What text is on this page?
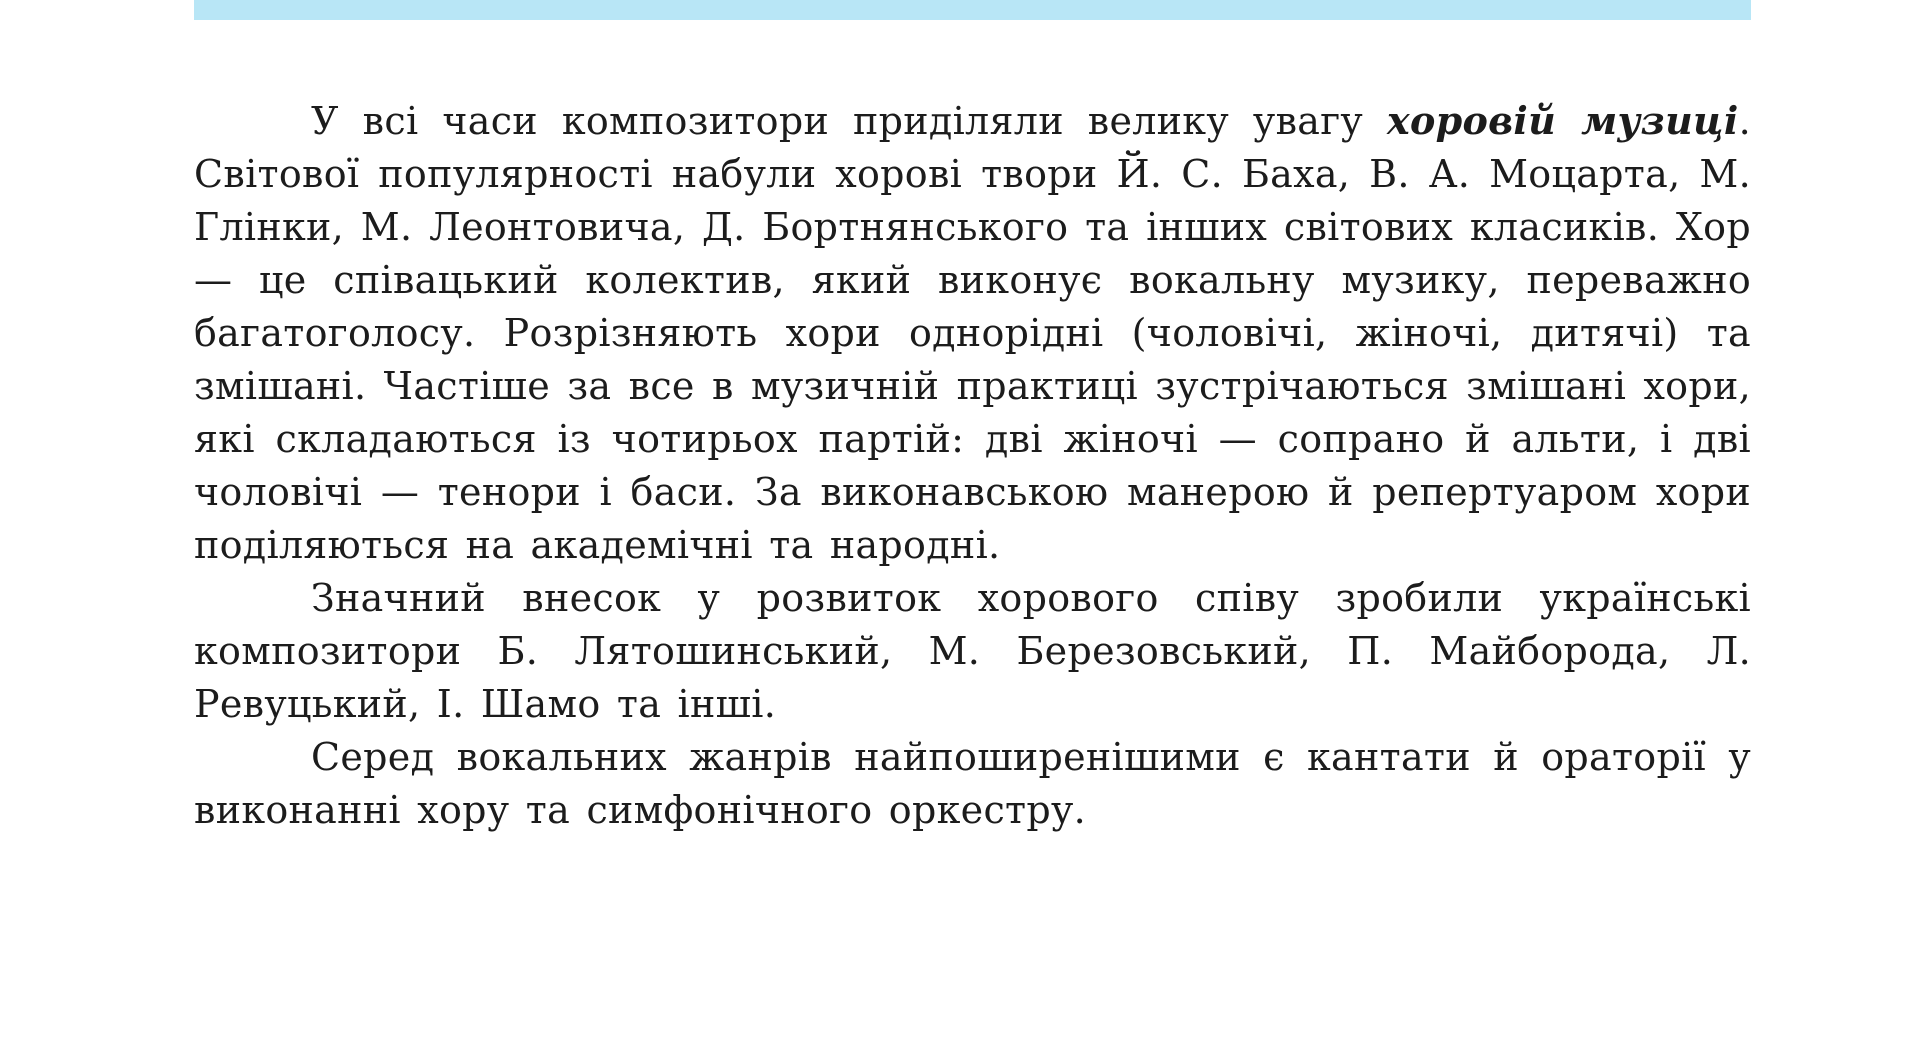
У всі часи композитори приділяли велику увагу хоровій музиці. Світової популярності набули хорові твори Й. С. Баха, В. А. Моцарта, М. Глінки, М. Леонтовича, Д. Бортнянського та інших світових класиків. Хор — це співацький колектив, який виконує вокальну музику, переважно багатоголосу. Розрізняють хори однорідні (чоловічі, жіночі, дитячі) та змішані. Частіше за все в музичній практиці зустрічаються змішані хори, які складаються із чотирьох партій: дві жіночі — сопрано й альти, і дві чоловічі — тенори і баси. За виконавською манерою й репертуаром хори поділяються на академічні та народні.

Значний внесок у розвиток хорового співу зробили українські композитори Б. Лятошинський, М. Березовський, П. Майборода, Л. Ревуцький, І. Шамо та інші.

Серед вокальних жанрів найпоширенішими є кантати й ораторії у виконанні хору та симфонічного оркестру.
